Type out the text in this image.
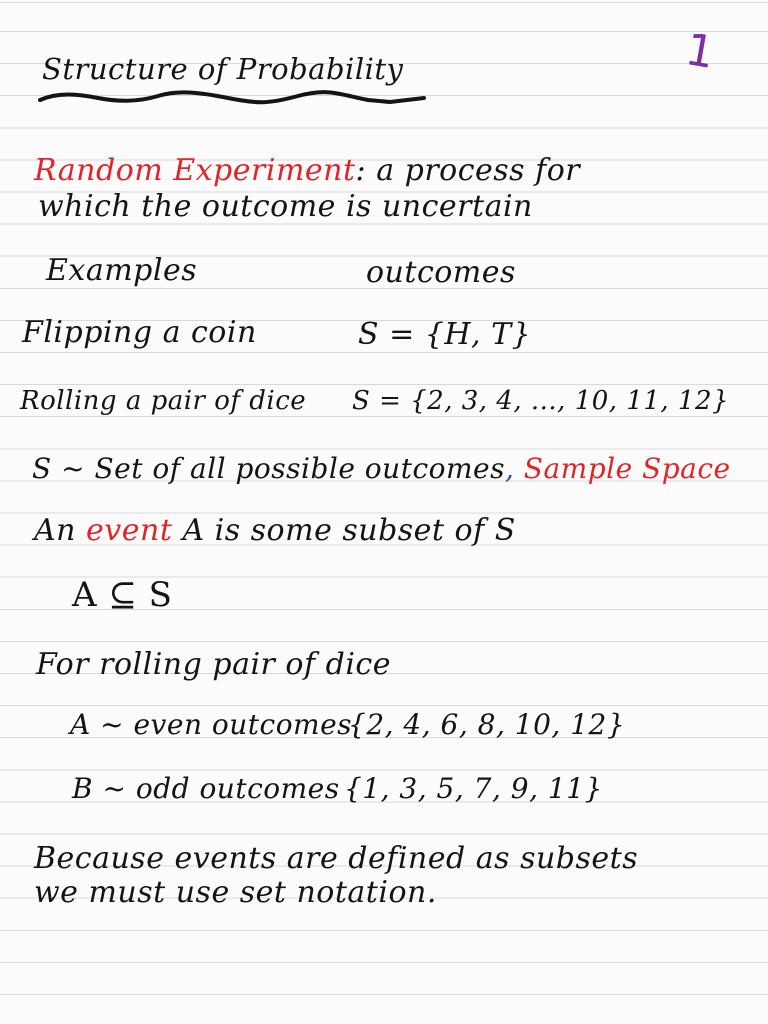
1
Structure of Probability
Random Experiment: a process for
which the outcome is uncertain
Examples	outcomes
Flipping a coin	S = {H, T}
Rolling a pair of dice S = {2, 3, 4, ..., 10, 11, 12}
S ~ Set of all possible outcomes, Sample Space
An event A is some subset of S
A ⊆ S
For rolling pair of dice
A ~ even outcomes
{2, 4, 6, 8, 10, 12}
B ~ odd outcomes {1, 3, 5, 7, 9, 11}
Because events are defined as subsets
we must use set notation.
